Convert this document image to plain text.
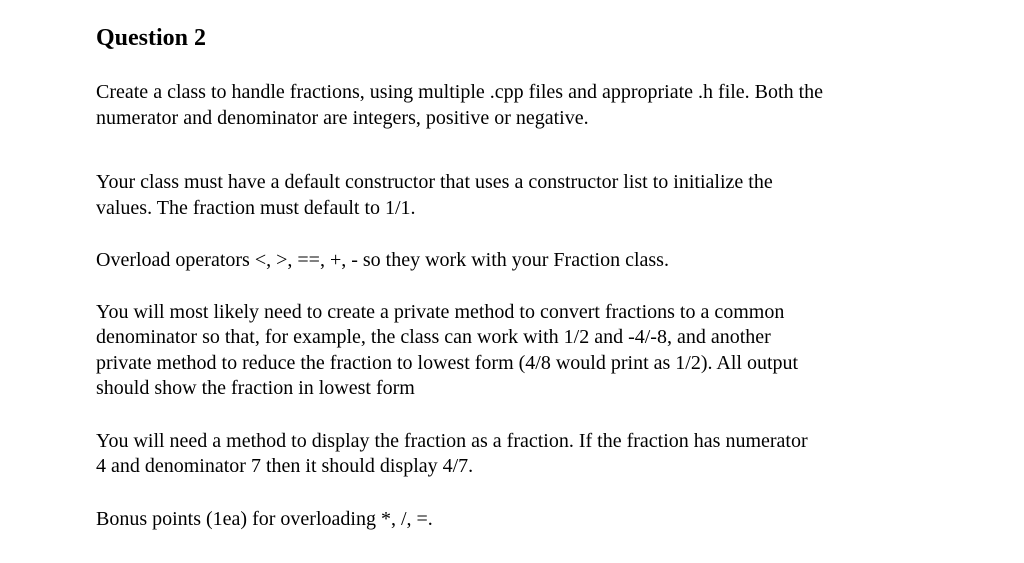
Question 2

Create a class to handle fractions, using multiple .cpp files and appropriate .h file. Both the
numerator and denominator are integers, positive or negative.

Your class must have a default constructor that uses a constructor list to initialize the
values. The fraction must default to 1/1.

Overload operators <, >, ==, +, - so they work with your Fraction class.

You will most likely need to create a private method to convert fractions to a common
denominator so that, for example, the class can work with 1/2 and -4/-8, and another
private method to reduce the fraction to lowest form (4/8 would print as 1/2). All output
should show the fraction in lowest form

You will need a method to display the fraction as a fraction. If the fraction has numerator
4 and denominator 7 then it should display 4/7.

Bonus points (1ea) for overloading *, /, =.
